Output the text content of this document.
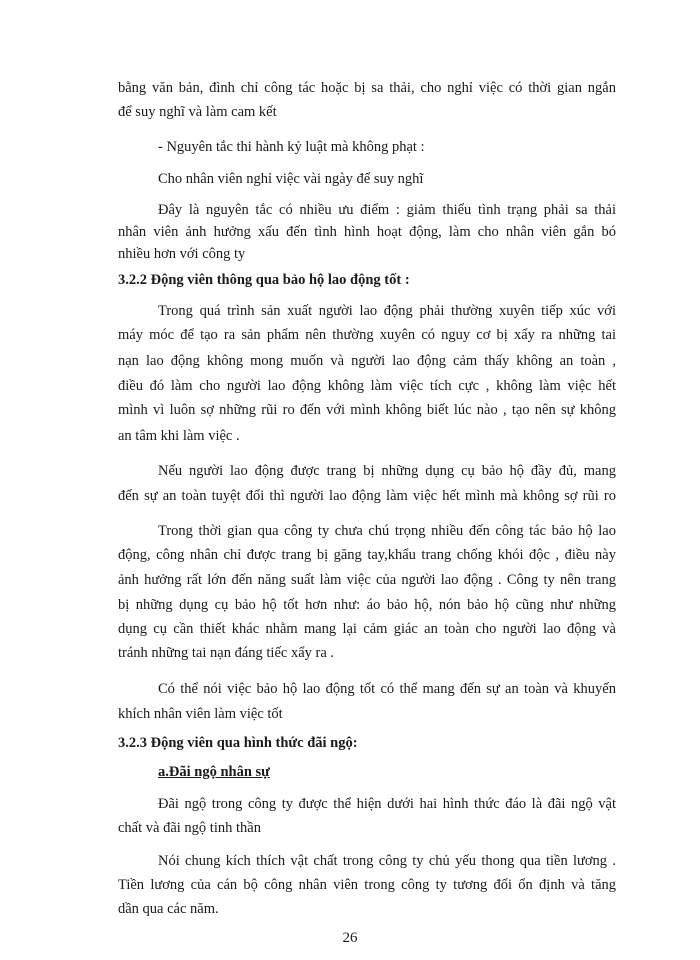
bằng văn bản, đình chỉ công tác hoặc bị sa thải, cho nghỉ việc có thời gian ngắn
để suy nghĩ và làm cam kết
- Nguyên tắc thi hành kỷ luật mà không phạt :
Cho nhân viên nghỉ việc vài ngày để suy nghĩ
Đây là nguyên tắc có nhiều ưu điểm : giảm thiểu tình trạng phải sa thải
nhân viên ảnh hưởng xấu đến tình hình hoạt động, làm cho nhân viên gắn bó
nhiều hơn với công ty
3.2.2 Động viên thông qua bảo hộ lao động tốt :
Trong quá trình sản xuất người lao động phải thường xuyên tiếp xúc với
máy móc để tạo ra sản phẩm nên thường xuyên có nguy cơ bị xẩy ra những tai
nạn lao động không mong muốn và người lao động cảm thấy không an toàn ,
điều đó làm cho người lao động không làm việc tích cực , không làm việc hết
mình vì luôn sợ những rũi ro đến với mình không biết lúc nào , tạo nên sự không
an tâm khi làm việc .
Nếu người lao động được trang bị những dụng cụ bảo hộ đầy đủ, mang
đến sự an toàn tuyệt đối thì người lao động làm việc hết mình mà không sợ rũi ro
Trong thời gian qua công ty chưa chú trọng nhiều đến công tác bảo hộ lao
động, công nhân chỉ được trang bị găng tay,khẩu trang chống khói độc , điều này
ảnh hưởng rất lớn đến năng suất làm việc của người lao động . Công ty nên trang
bị những dụng cụ bảo hộ tốt hơn như: áo bảo hộ, nón bảo hộ cũng như những
dụng cụ cần thiết khác nhằm mang lại cảm giác an toàn cho người lao động và
tránh những tai nạn đáng tiếc xẩy ra .
Có thể nói việc bảo hộ lao động tốt có thể mang đến sự an toàn và khuyến
khích nhân viên làm việc tốt
3.2.3 Động viên qua hình thức đãi ngộ:
a.Đãi ngộ nhân sự
Đãi ngộ trong công ty được thể hiện dưới hai hình thức đáo là đãi ngộ vật
chất và đãi ngộ tinh thần
Nói chung kích thích vật chất trong công ty chủ yếu thong qua tiền lương .
Tiền lương của cán bộ công nhân viên trong công ty tương đối ổn định và tăng
dần qua các năm.
26
